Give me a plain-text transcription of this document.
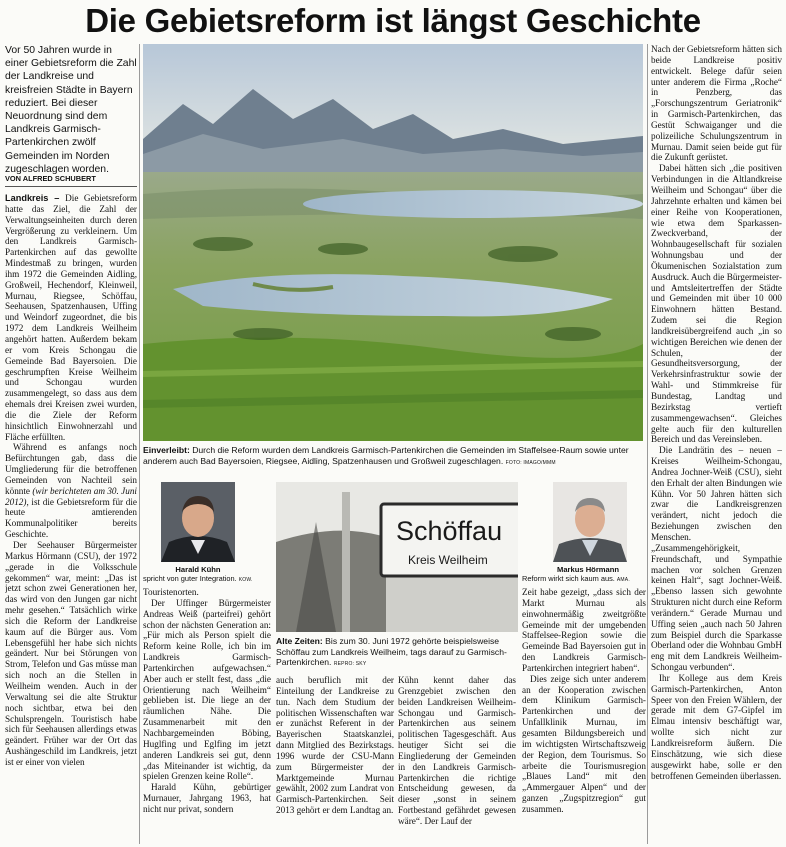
Die Gebietsreform ist längst Geschichte
Vor 50 Jahren wurde in einer Gebietsreform die Zahl der Landkreise und kreisfreien Städte in Bayern reduziert. Bei dieser Neuordnung sind dem Landkreis Garmisch-Partenkirchen zwölf Gemeinden im Norden zugeschlagen worden.
VON ALFRED SCHUBERT

Landkreis – Die Gebietsreform hatte das Ziel, die Zahl der Verwaltungseinheiten durch deren Vergrößerung zu verkleinern. Um den Landkreis Garmisch-Partenkirchen auf das gewollte Mindestmaß zu bringen, wurden ihm 1972 die Gemeinden Aidling, Großweil, Hechendorf, Kleinweil, Murnau, Riegsee, Schöffau, Seehausen, Spatzenhausen, Uffing und Weindorf zugeordnet, die bis 1972 dem Landkreis Weilheim angehört hatten. Außerdem bekam er vom Kreis Schongau die Gemeinde Bad Bayersoien. Die geschrumpften Kreise Weilheim und Schongau wurden zusammengelegt, so dass aus dem ehemals drei Kreisen zwei wurden, die die Ziele der Reform hinsichtlich Einwohnerzahl und Fläche erfüllten.

Während es anfangs noch Befürchtungen gab, dass die Umgliederung für die betroffenen Gemeinden von Nachteil sein könnte (wir berichteten am 30. Juni 2012), ist die Gebietsreform für die heute amtierenden Kommunalpolitiker bereits Geschichte.

Der Seehauser Bürgermeister Markus Hörmann (CSU), der 1972 „gerade in die Volksschule gekommen“ war, meint: „Das ist jetzt schon zwei Generationen her, das wird von den Jungen gar nicht mehr gesehen.“ Tatsächlich wirke sich die Reform der Landkreise kaum auf die Bürger aus. Vom Lebensgefühl her habe sich nichts geändert. Nur bei Störungen von Strom, Telefon und Gas müsse man sich noch an die Stellen in Weilheim wenden. Auch in der Verwaltung sei die alte Struktur noch sichtbar, etwa bei den Schulsprengeln. Touristisch habe sich für Seehausen allerdings etwas geändert. Früher war der Ort das Aushängeschild im Landkreis, jetzt ist er einer von vielen

Einverleibt: Durch die Reform wurden dem Landkreis Garmisch-Partenkirchen die Gemeinden im Staffelsee-Raum sowie unter anderem auch Bad Bayersoien, Riegsee, Aidling, Spatzenhausen und Großweil zugeschlagen. FOTO: IMAGO/MMM
Harald Kühn
spricht von guter Integration. KOW.
Schöffau
Kreis Weilheim
Alte Zeiten: Bis zum 30. Juni 1972 gehörte beispielsweise Schöffau zum Landkreis Weilheim, tags darauf zu Garmisch-Partenkirchen. REPRO: SKY
Markus Hörmann
Reform wirkt sich kaum aus. AMA.

Touristenorten.

Der Uffinger Bürgermeister Andreas Weiß (parteifrei) gehört schon der nächsten Generation an: „Für mich als Person spielt die Reform keine Rolle, ich bin im Landkreis Garmisch-Partenkirchen aufgewachsen.“ Aber auch er stellt fest, dass „die Orientierung nach Weilheim“ geblieben ist. Die liege an der räumlichen Nähe. Die Zusammenarbeit mit den Nachbargemeinden Böbing, Huglfing und Eglfing im jetzt anderen Landkreis sei gut, denn „das Miteinander ist wichtig, da spielen Grenzen keine Rolle“.

Harald Kühn, gebürtiger Murnauer, Jahrgang 1963, hat nicht nur privat, sondern

auch beruflich mit der Einteilung der Landkreise zu tun. Nach dem Studium der politischen Wissenschaften war er zunächst Referent in der Bayerischen Staatskanzlei, dann Mitglied des Bezirkstags. 1996 wurde der CSU-Mann zum Bürgermeister der Marktgemeinde Murnau gewählt, 2002 zum Landrat von Garmisch-Partenkirchen. Seit 2013 gehört er dem Landtag an.

Kühn kennt daher das Grenzgebiet zwischen den beiden Landkreisen Weilheim-Schongau und Garmisch-Partenkirchen aus seinem politischen Tagesgeschäft. Aus heutiger Sicht sei die Eingliederung der Gemeinden in den Landkreis Garmisch-Partenkirchen die richtige Entscheidung gewesen, da dieser „sonst in seinem Fortbestand gefährdet gewesen wäre“. Der Lauf der

Zeit habe gezeigt, „dass sich der Markt Murnau als einwohnermäßig zweitgrößte Gemeinde mit der umgebenden Staffelsee-Region sowie die Gemeinde Bad Bayersoien gut in den Landkreis Garmisch-Partenkirchen integriert haben“.

Dies zeige sich unter anderem an der Kooperation zwischen dem Klinikum Garmisch-Partenkirchen und der Unfallklinik Murnau, im gesamten Bildungsbereich und im wichtigsten Wirtschaftszweig der Region, dem Tourismus. So arbeite die Tourismusregion „Blaues Land“ mit den „Ammergauer Alpen“ und der ganzen „Zugspitzregion“ gut zusammen.

Nach der Gebietsreform hätten sich beide Landkreise positiv entwickelt. Belege dafür seien unter anderem die Firma „Roche“ in Penzberg, das „Forschungszentrum Geriatronik“ in Garmisch-Partenkirchen, das Gestüt Schwaiganger und die polizeiliche Schulungszentrum in Murnau. Damit seien beide gut für die Zukunft gerüstet.

Dabei hätten sich „die positiven Verbindungen in die Altlandkreise Weilheim und Schongau“ über die Jahrzehnte erhalten und kämen bei einer Reihe von Kooperationen, wie etwa dem Sparkassen-Zweckverband, der Wohnbaugesellschaft für sozialen Wohnungsbau und der Ökumenischen Sozialstation zum Ausdruck. Auch die Bürgermeister- und Amtsleitertreffen der Städte und Gemeinden mit über 10 000 Einwohnern hätten Bestand. Zudem sei die Region landkreisübergreifend auch „in so wichtigen Bereichen wie denen der Schulen, der Gesundheitsversorgung, der Verkehrsinfrastruktur sowie der Wahl- und Stimmkreise für Bundestag, Landtag und Bezirkstag vertieft zusammengewachsen“. Gleiches gelte auch für den kulturellen Bereich und das Vereinsleben.

Die Landrätin des – neuen – Kreises Weilheim-Schongau, Andrea Jochner-Weiß (CSU), sieht den Erhalt der alten Bindungen wie Kühn. Vor 50 Jahren hätten sich zwar die Landkreisgrenzen verändert, nicht jedoch die Beziehungen zwischen den Menschen. „Zusammengehörigkeit, Freundschaft, und Sympathie machen vor solchen Grenzen keinen Halt“, sagt Jochner-Weiß. „Ebenso lassen sich gewohnte Strukturen nicht durch eine Reform verändern.“ Gerade Murnau und Uffing seien „auch nach 50 Jahren zum Beispiel durch die Sparkasse Oberland oder die Wohnbau GmbH eng mit dem Landkreis Weilheim-Schongau verbunden“.

Ihr Kollege aus dem Kreis Garmisch-Partenkirchen, Anton Speer von den Freien Wählern, der gerade mit dem G7-Gipfel im Elmau intensiv beschäftigt war, wollte sich nicht zur Landkreisreform äußern. Die Einschätzung, wie sich diese ausgewirkt habe, solle er den betroffenen Gemeinden überlassen.
